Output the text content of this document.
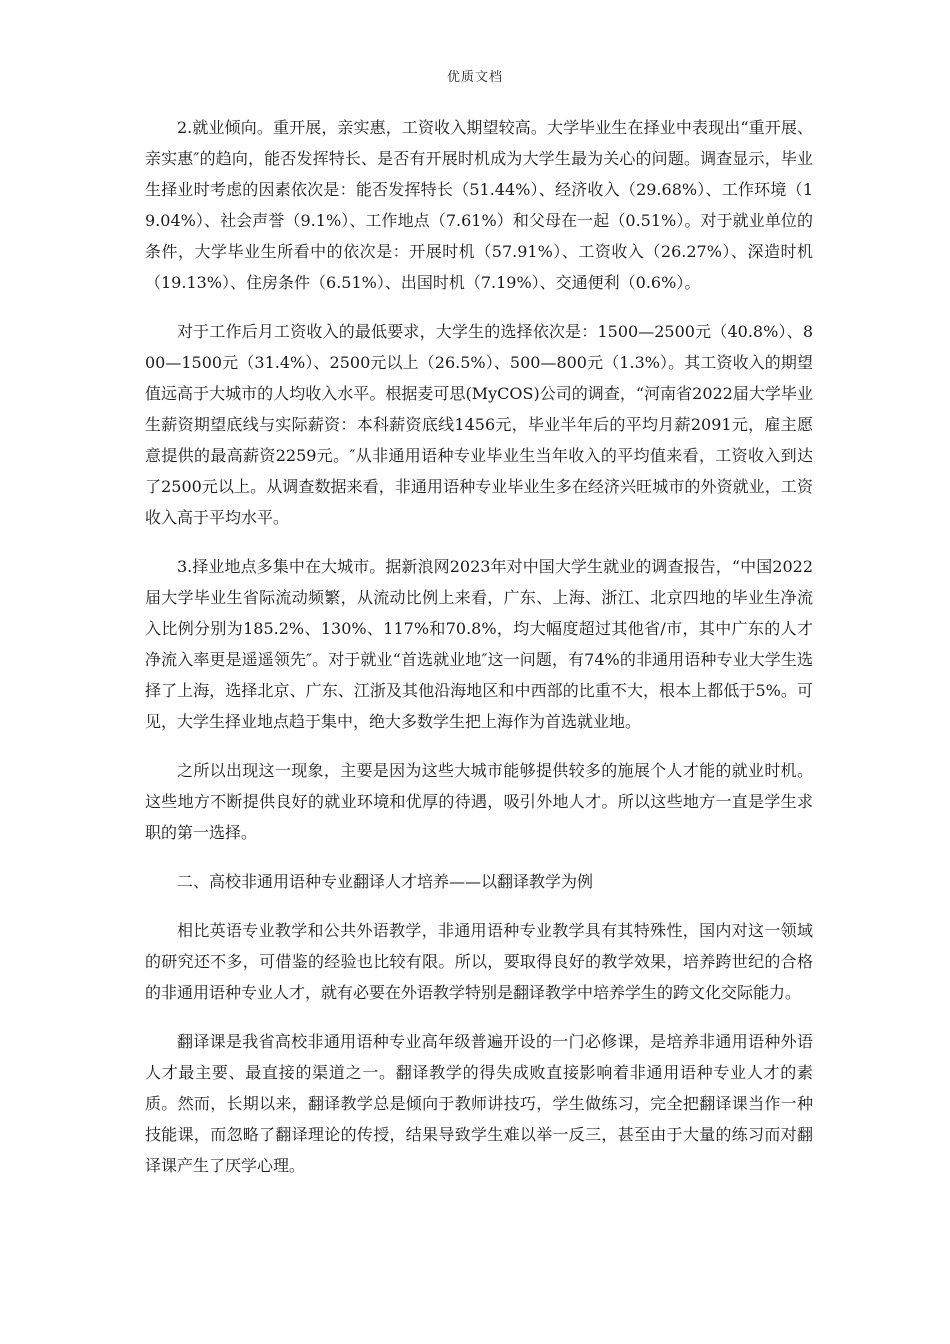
优质文档

2.就业倾向。重开展，亲实惠，工资收入期望较高。大学毕业生在择业中表现出“重开展、亲实惠″的趋向，能否发挥特长、是否有开展时机成为大学生最为关心的问题。调查显示，毕业生择业时考虑的因素依次是：能否发挥特长（51.44%）、经济收入（29.68%）、工作环境（19.04%）、社会声誉（9.1%）、工作地点（7.61%）和父母在一起（0.51%）。对于就业单位的条件，大学毕业生所看中的依次是：开展时机（57.91%）、工资收入（26.27%）、深造时机（19.13%）、住房条件（6.51%）、出国时机（7.19%）、交通便利（0.6%）。

对于工作后月工资收入的最低要求，大学生的选择依次是：1500—2500元（40.8%）、800—1500元（31.4%）、2500元以上（26.5%）、500—800元（1.3%）。其工资收入的期望值远高于大城市的人均收入水平。根据麦可思(MyCOS)公司的调查，“河南省2022届大学毕业生薪资期望底线与实际薪资：本科薪资底线1456元，毕业半年后的平均月薪2091元，雇主愿意提供的最高薪资2259元。″从非通用语种专业毕业生当年收入的平均值来看，工资收入到达了2500元以上。从调查数据来看，非通用语种专业毕业生多在经济兴旺城市的外资就业，工资收入高于平均水平。

3.择业地点多集中在大城市。据新浪网2023年对中国大学生就业的调查报告，“中国2022届大学毕业生省际流动频繁，从流动比例上来看，广东、上海、浙江、北京四地的毕业生净流入比例分别为185.2%、130%、117%和70.8%，均大幅度超过其他省/市，其中广东的人才净流入率更是遥遥领先″。对于就业“首选就业地″这一问题，有74%的非通用语种专业大学生选择了上海，选择北京、广东、江浙及其他沿海地区和中西部的比重不大，根本上都低于5%。可见，大学生择业地点趋于集中，绝大多数学生把上海作为首选就业地。

之所以出现这一现象，主要是因为这些大城市能够提供较多的施展个人才能的就业时机。这些地方不断提供良好的就业环境和优厚的待遇，吸引外地人才。所以这些地方一直是学生求职的第一选择。

二、高校非通用语种专业翻译人才培养——以翻译教学为例

相比英语专业教学和公共外语教学，非通用语种专业教学具有其特殊性，国内对这一领域的研究还不多，可借鉴的经验也比较有限。所以，要取得良好的教学效果，培养跨世纪的合格的非通用语种专业人才，就有必要在外语教学特别是翻译教学中培养学生的跨文化交际能力。

翻译课是我省高校非通用语种专业高年级普遍开设的一门必修课，是培养非通用语种外语人才最主要、最直接的渠道之一。翻译教学的得失成败直接影响着非通用语种专业人才的素质。然而，长期以来，翻译教学总是倾向于教师讲技巧，学生做练习，完全把翻译课当作一种技能课，而忽略了翻译理论的传授，结果导致学生难以举一反三，甚至由于大量的练习而对翻译课产生了厌学心理。
